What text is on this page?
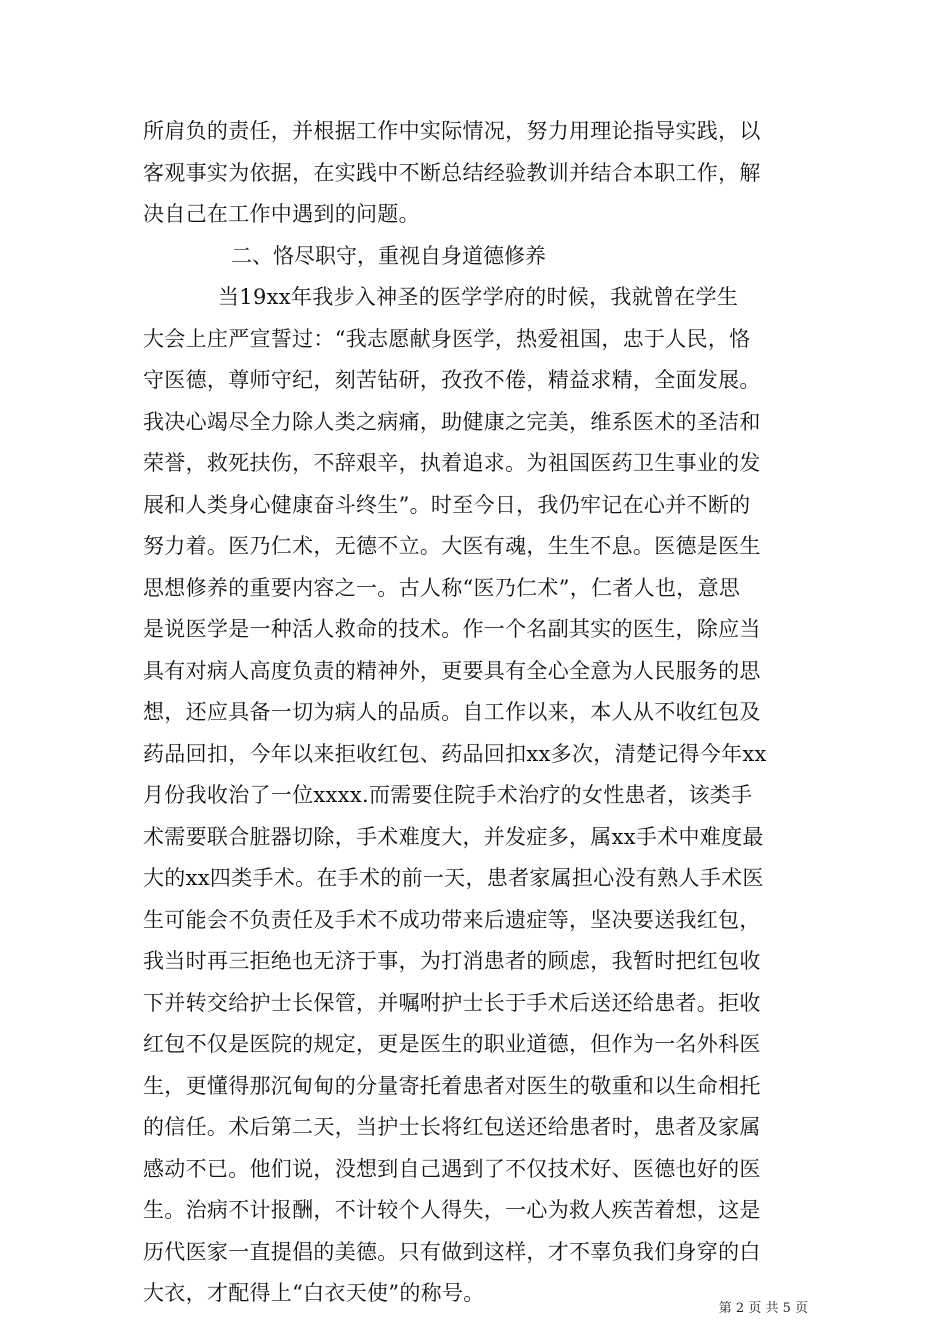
所肩负的责任，并根据工作中实际情况，努力用理论指导实践，以
客观事实为依据，在实践中不断总结经验教训并结合本职工作，解
决自己在工作中遇到的问题。
二、恪尽职守，重视自身道德修养
当19xx年我步入神圣的医学学府的时候，我就曾在学生
大会上庄严宣誓过：“我志愿献身医学，热爱祖国，忠于人民，恪
守医德，尊师守纪，刻苦钻研，孜孜不倦，精益求精，全面发展。
我决心竭尽全力除人类之病痛，助健康之完美，维系医术的圣洁和
荣誉，救死扶伤，不辞艰辛，执着追求。为祖国医药卫生事业的发
展和人类身心健康奋斗终生”。时至今日，我仍牢记在心并不断的
努力着。医乃仁术，无德不立。大医有魂，生生不息。医德是医生
思想修养的重要内容之一。古人称“医乃仁术”，仁者人也，意思
是说医学是一种活人救命的技术。作一个名副其实的医生，除应当
具有对病人高度负责的精神外，更要具有全心全意为人民服务的思
想，还应具备一切为病人的品质。自工作以来，本人从不收红包及
药品回扣，今年以来拒收红包、药品回扣xx多次，清楚记得今年xx
月份我收治了一位xxxx.而需要住院手术治疗的女性患者，该类手
术需要联合脏器切除，手术难度大，并发症多，属xx手术中难度最
大的xx四类手术。在手术的前一天，患者家属担心没有熟人手术医
生可能会不负责任及手术不成功带来后遗症等，坚决要送我红包，
我当时再三拒绝也无济于事，为打消患者的顾虑，我暂时把红包收
下并转交给护士长保管，并嘱咐护士长于手术后送还给患者。拒收
红包不仅是医院的规定，更是医生的职业道德，但作为一名外科医
生，更懂得那沉甸甸的分量寄托着患者对医生的敬重和以生命相托
的信任。术后第二天，当护士长将红包送还给患者时，患者及家属
感动不已。他们说，没想到自己遇到了不仅技术好、医德也好的医
生。治病不计报酬，不计较个人得失，一心为救人疾苦着想，这是
历代医家一直提倡的美德。只有做到这样，才不辜负我们身穿的白
大衣，才配得上“白衣天使”的称号。
第 2 页 共 5 页
